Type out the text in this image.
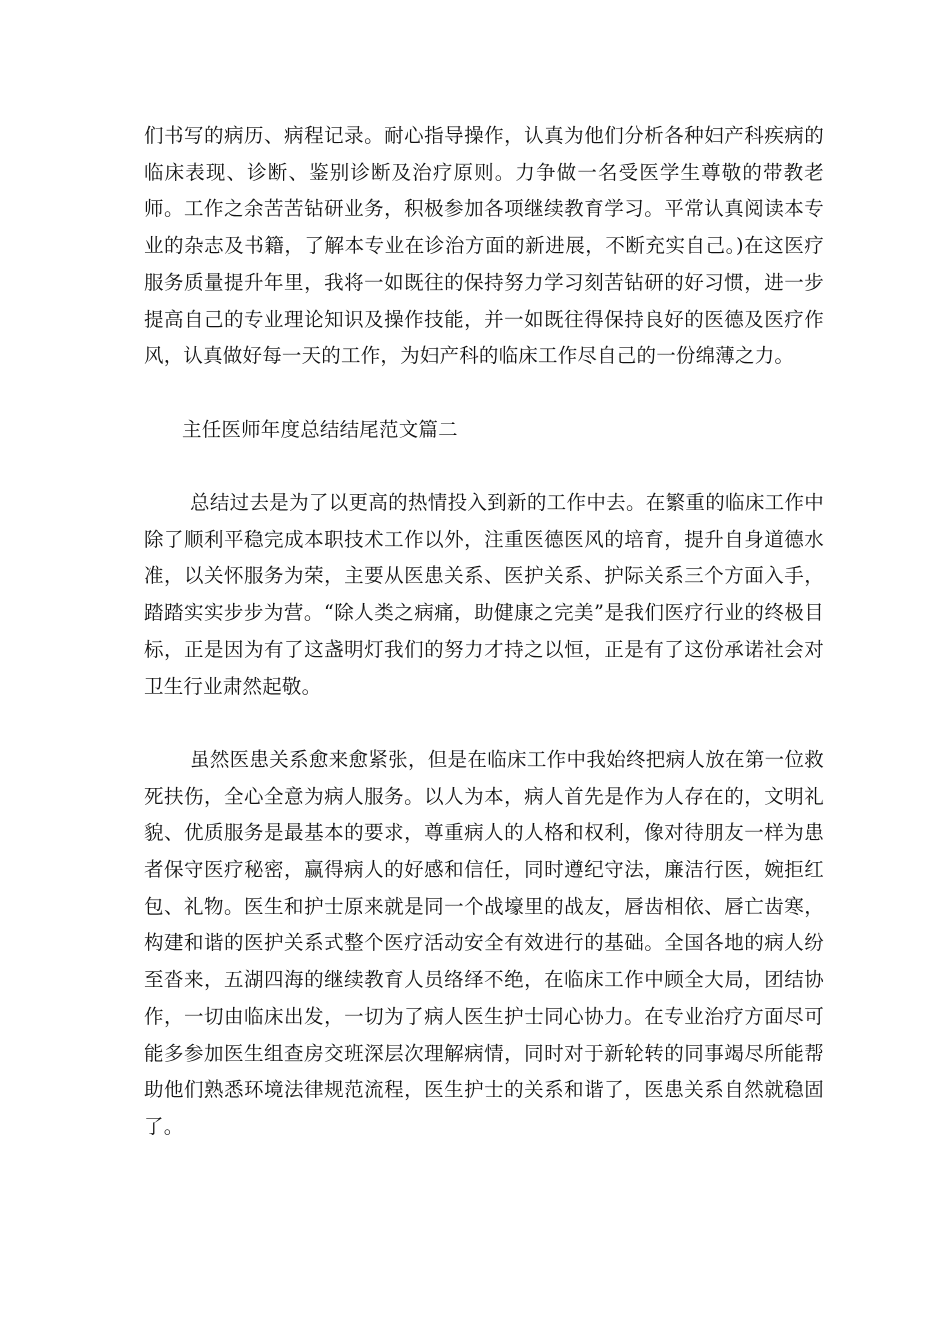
们书写的病历、病程记录。耐心指导操作，认真为他们分析各种妇产科疾病的临床表现、诊断、鉴别诊断及治疗原则。力争做一名受医学生尊敬的带教老师。工作之余苦苦钻研业务，积极参加各项继续教育学习。平常认真阅读本专业的杂志及书籍，了解本专业在诊治方面的新进展，不断充实自己。)在这医疗服务质量提升年里，我将一如既往的保持努力学习刻苦钻研的好习惯，进一步提高自己的专业理论知识及操作技能，并一如既往得保持良好的医德及医疗作风，认真做好每一天的工作，为妇产科的临床工作尽自己的一份绵薄之力。

主任医师年度总结结尾范文篇二

总结过去是为了以更高的热情投入到新的工作中去。在繁重的临床工作中除了顺利平稳完成本职技术工作以外，注重医德医风的培育，提升自身道德水准，以关怀服务为荣，主要从医患关系、医护关系、护际关系三个方面入手，踏踏实实步步为营。“除人类之病痛，助健康之完美”是我们医疗行业的终极目标，正是因为有了这盏明灯我们的努力才持之以恒，正是有了这份承诺社会对卫生行业肃然起敬。

虽然医患关系愈来愈紧张，但是在临床工作中我始终把病人放在第一位救死扶伤，全心全意为病人服务。以人为本，病人首先是作为人存在的，文明礼貌、优质服务是最基本的要求，尊重病人的人格和权利，像对待朋友一样为患者保守医疗秘密，赢得病人的好感和信任，同时遵纪守法，廉洁行医，婉拒红包、礼物。医生和护士原来就是同一个战壕里的战友，唇齿相依、唇亡齿寒，构建和谐的医护关系式整个医疗活动安全有效进行的基础。全国各地的病人纷至沓来，五湖四海的继续教育人员络绎不绝，在临床工作中顾全大局，团结协作，一切由临床出发，一切为了病人医生护士同心协力。在专业治疗方面尽可能多参加医生组查房交班深层次理解病情，同时对于新轮转的同事竭尽所能帮助他们熟悉环境法律规范流程，医生护士的关系和谐了，医患关系自然就稳固了。
